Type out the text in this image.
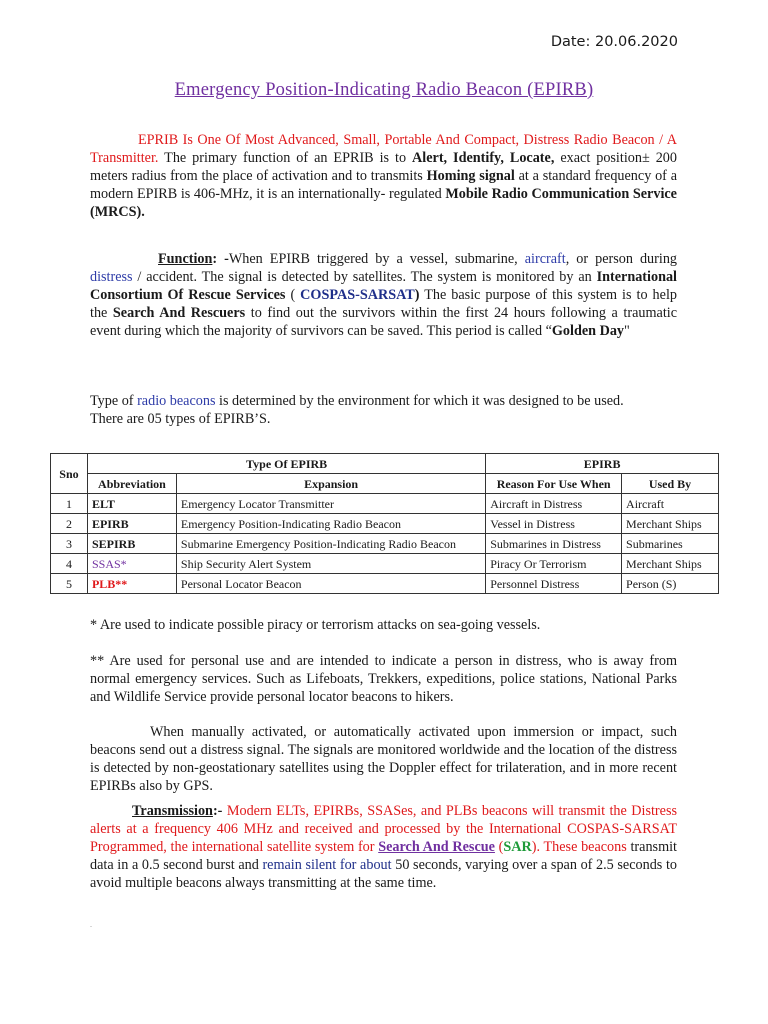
Date: 20.06.2020
Emergency Position-Indicating Radio Beacon (EPIRB)
EPRIB Is One Of Most Advanced, Small, Portable And Compact, Distress Radio Beacon / A Transmitter. The primary function of an EPRIB is to Alert, Identify, Locate, exact position± 200 meters radius from the place of activation and to transmits Homing signal at a standard frequency of a modern EPIRB is 406-MHz, it is an internationally- regulated Mobile Radio Communication Service (MRCS).
Function: -When EPIRB triggered by a vessel, submarine, aircraft, or person during distress / accident. The signal is detected by satellites. The system is monitored by an International Consortium Of Rescue Services ( COSPAS-SARSAT) The basic purpose of this system is to help the Search And Rescuers to find out the survivors within the first 24 hours following a traumatic event during which the majority of survivors can be saved. This period is called “Golden Day"
Type of radio beacons is determined by the environment for which it was designed to be used.
There are 05 types of EPIRB’S.
Sno	Type Of EPIRB		EPIRB	
	Abbreviation	Expansion	Reason For Use When	Used By
1	ELT	Emergency Locator Transmitter	Aircraft in Distress	Aircraft
2	EPIRB	Emergency Position-Indicating Radio Beacon	Vessel in Distress	Merchant Ships
3	SEPIRB	Submarine Emergency Position-Indicating Radio Beacon	Submarines in Distress	Submarines
4	SSAS*	Ship Security Alert System	Piracy Or Terrorism	Merchant Ships
5	PLB**	Personal Locator Beacon	Personnel Distress	Person (S)
* Are used to indicate possible piracy or terrorism attacks on sea-going vessels.
** Are used for personal use and are intended to indicate a person in distress, who is away from normal emergency services. Such as Lifeboats, Trekkers, expeditions, police stations, National Parks and Wildlife Service provide personal locator beacons to hikers.
When manually activated, or automatically activated upon immersion or impact, such beacons send out a distress signal. The signals are monitored worldwide and the location of the distress is detected by non-geostationary satellites using the Doppler effect for trilateration, and in more recent EPIRBs also by GPS.
Transmission:- Modern ELTs, EPIRBs, SSASes, and PLBs beacons will transmit the Distress alerts at a frequency 406 MHz and received and processed by the International COSPAS-SARSAT Programmed, the international satellite system for Search And Rescue (SAR). These beacons transmit data in a 0.5 second burst and remain silent for about 50 seconds, varying over a span of 2.5 seconds to avoid multiple beacons always transmitting at the same time.
.
